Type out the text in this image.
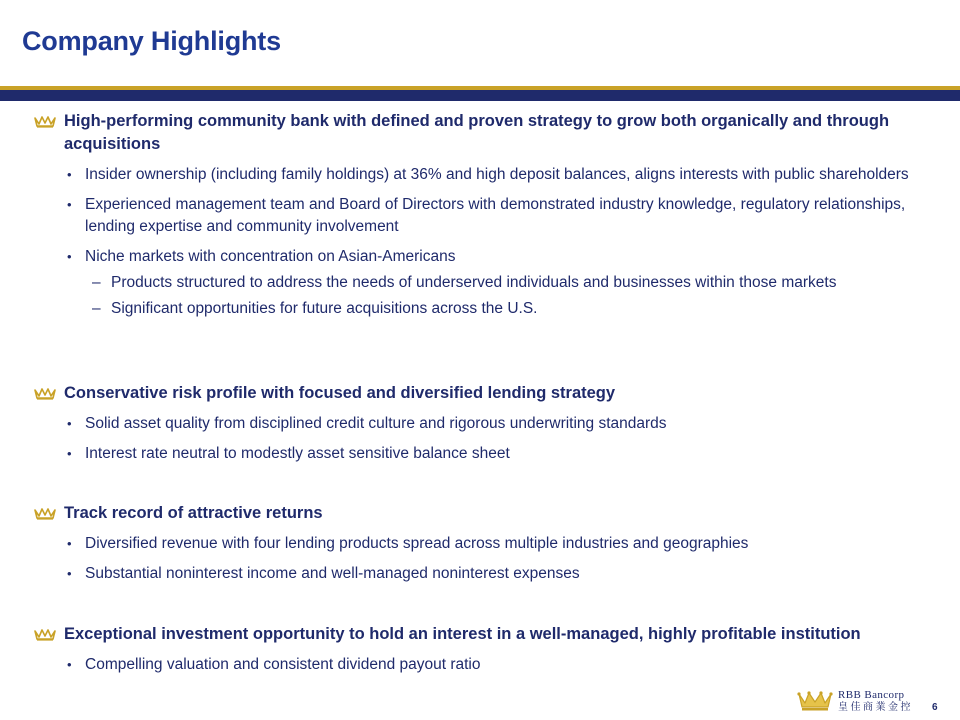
Company Highlights
High-performing community bank with defined and proven strategy to grow both organically and through acquisitions
• Insider ownership (including family holdings) at 36% and high deposit balances, aligns interests with public shareholders
• Experienced management team and Board of Directors with demonstrated industry knowledge, regulatory relationships, lending expertise and community involvement
• Niche markets with concentration on Asian-Americans
– Products structured to address the needs of underserved individuals and businesses within those markets
– Significant opportunities for future acquisitions across the U.S.
Conservative risk profile with focused and diversified lending strategy
• Solid asset quality from disciplined credit culture and rigorous underwriting standards
• Interest rate neutral to modestly asset sensitive balance sheet
Track record of attractive returns
• Diversified revenue with four lending products spread across multiple industries and geographies
• Substantial noninterest income and well-managed noninterest expenses
Exceptional investment opportunity to hold an interest in a well-managed, highly profitable institution
• Compelling valuation and consistent dividend payout ratio
RBB Bancorp
皇佳商業金控 6
